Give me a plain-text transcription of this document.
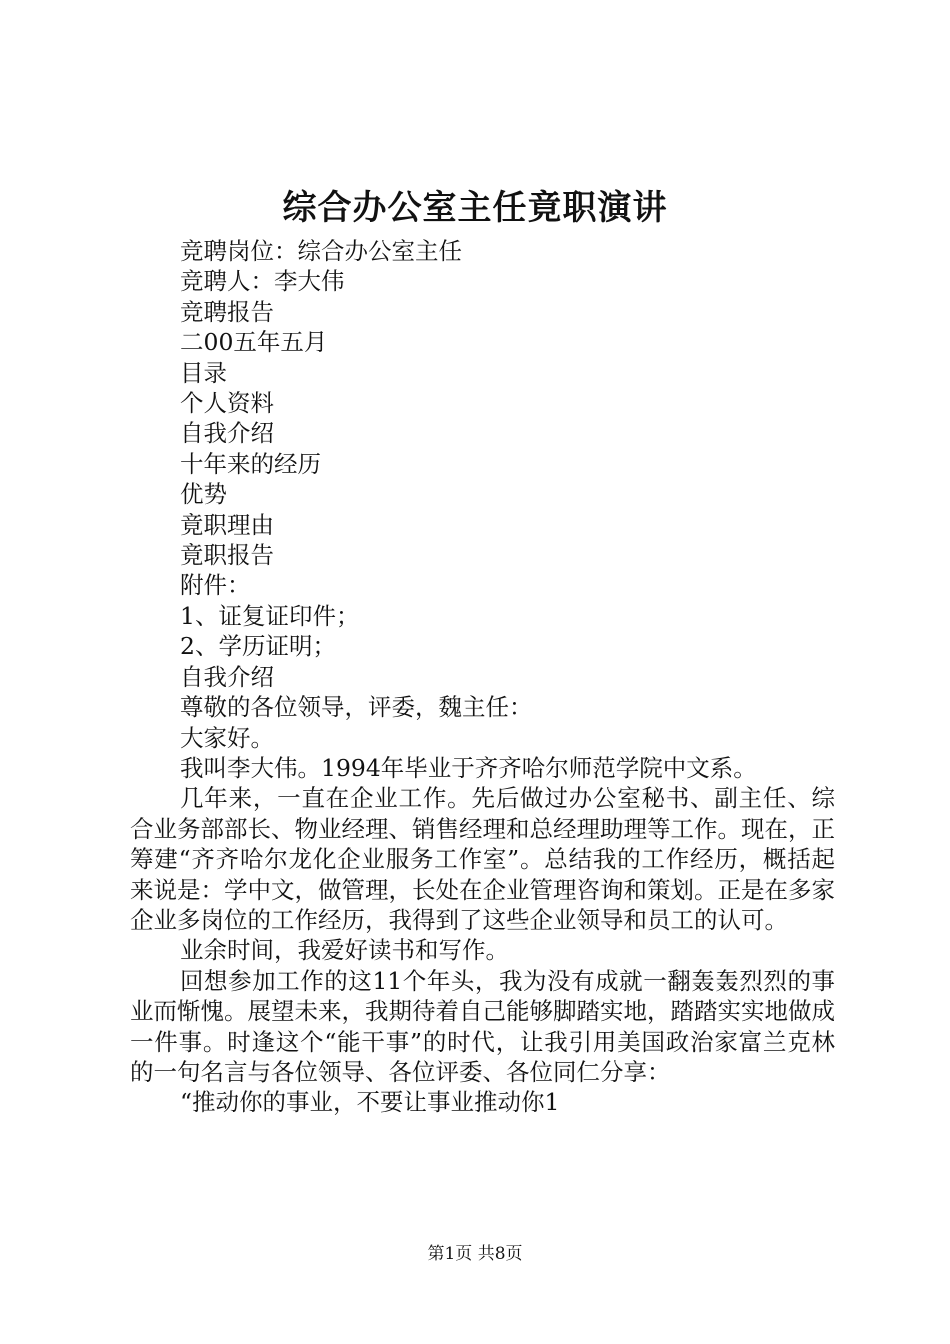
综合办公室主任竟职演讲
竞聘岗位：综合办公室主任
竞聘人：李大伟
竞聘报告
二00五年五月
目录
个人资料
自我介绍
十年来的经历
优势
竟职理由
竟职报告
附件：
1、证复证印件；
2、学历证明；
自我介绍
尊敬的各位领导，评委，魏主任：
大家好。
我叫李大伟。1994年毕业于齐齐哈尔师范学院中文系。
几年来，一直在企业工作。先后做过办公室秘书、副主任、综合业务部部长、物业经理、销售经理和总经理助理等工作。现在，正筹建“齐齐哈尔龙化企业服务工作室”。总结我的工作经历，概括起来说是：学中文，做管理，长处在企业管理咨询和策划。正是在多家企业多岗位的工作经历，我得到了这些企业领导和员工的认可。
业余时间，我爱好读书和写作。
回想参加工作的这11个年头，我为没有成就一翻轰轰烈烈的事业而惭愧。展望未来，我期待着自己能够脚踏实地，踏踏实实地做成一件事。时逢这个“能干事”的时代，让我引用美国政治家富兰克林的一句名言与各位领导、各位评委、各位同仁分享：
“推动你的事业，不要让事业推动你1
第1页 共8页
